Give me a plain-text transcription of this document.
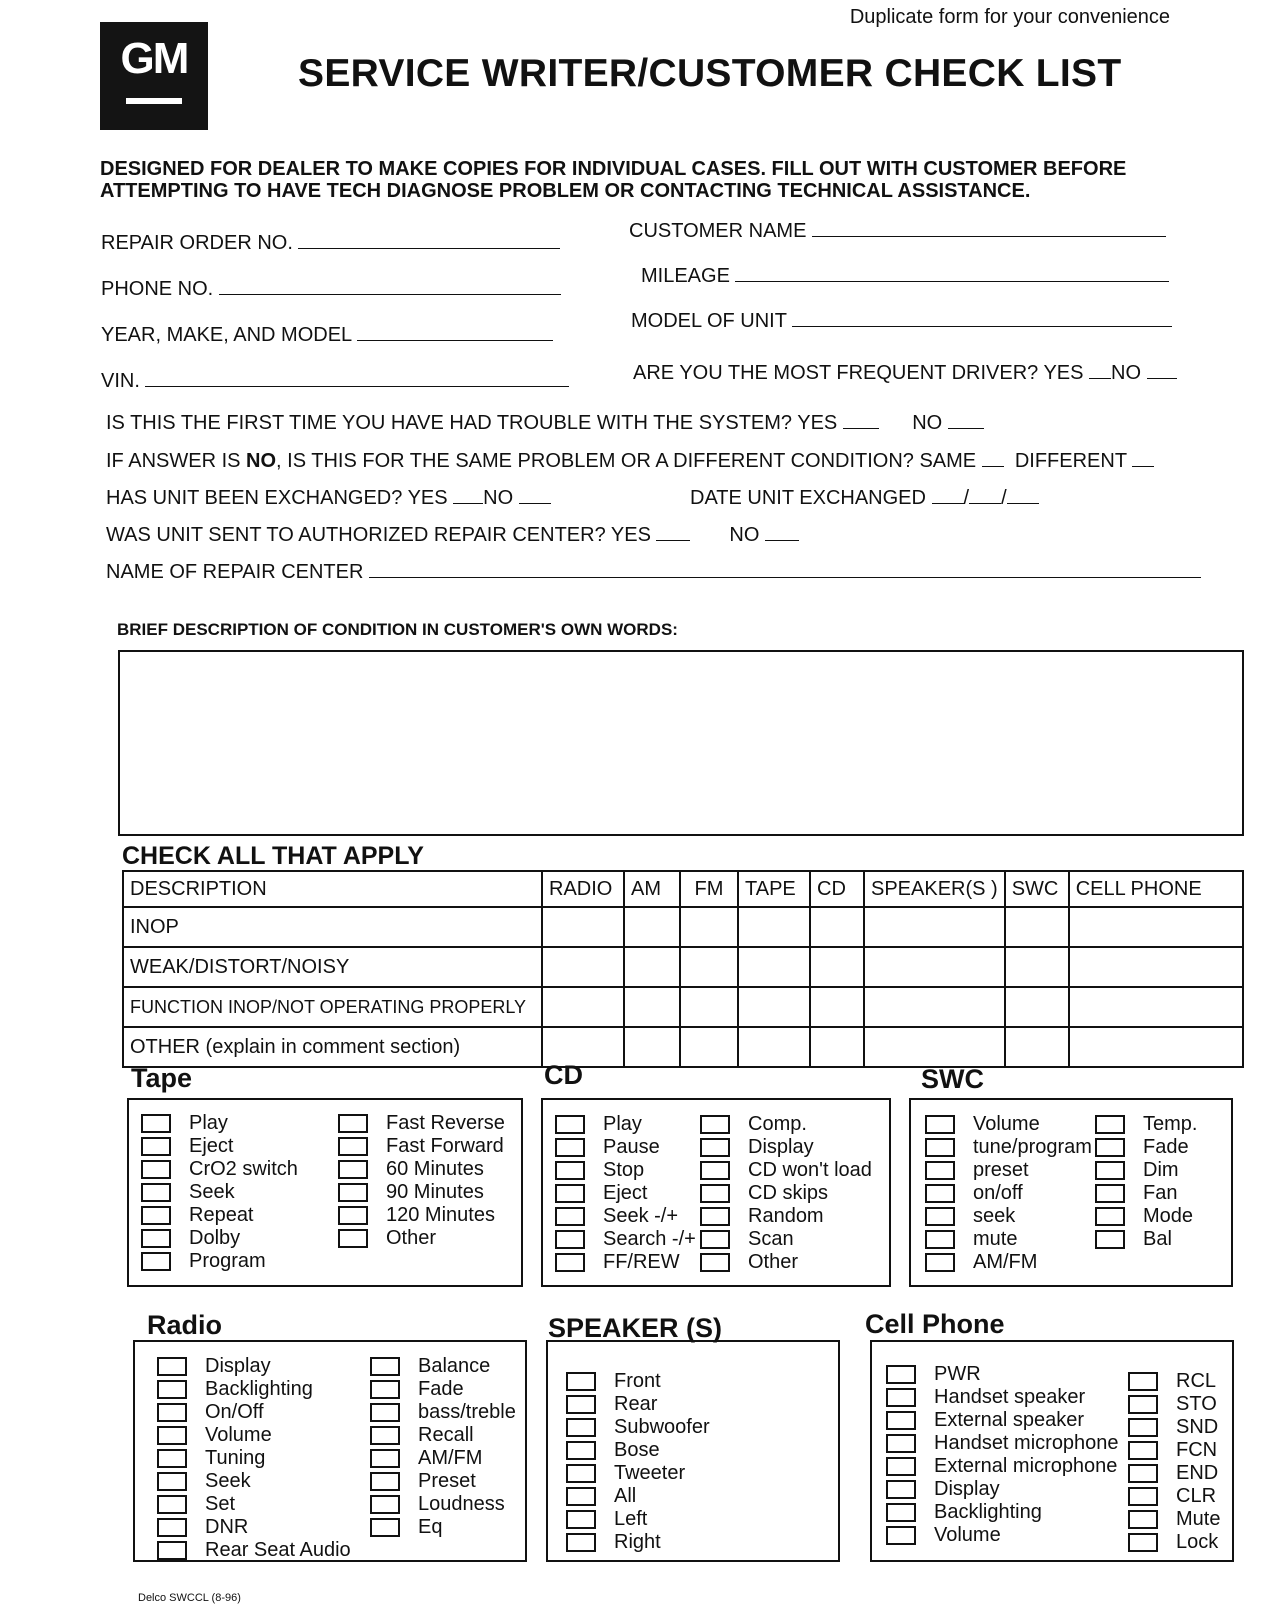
Duplicate form for your convenience
GM	SERVICE WRITER/CUSTOMER CHECK LIST
DESIGNED FOR DEALER TO MAKE COPIES FOR INDIVIDUAL CASES. FILL OUT WITH CUSTOMER BEFORE
ATTEMPTING TO HAVE TECH DIAGNOSE PROBLEM OR CONTACTING TECHNICAL ASSISTANCE.
REPAIR ORDER NO.
PHONE NO.
YEAR, MAKE, AND MODEL
VIN.
CUSTOMER NAME
MILEAGE
MODEL OF UNIT
ARE YOU THE MOST FREQUENT DRIVER? YES NO
IS THIS THE FIRST TIME YOU HAVE HAD TROUBLE WITH THE SYSTEM? YES	NO
IF ANSWER IS NO, IS THIS FOR THE SAME PROBLEM OR A DIFFERENT CONDITION? SAME DIFFERENT
HAS UNIT BEEN EXCHANGED? YES NO	DATE UNIT EXCHANGED / /
WAS UNIT SENT TO AUTHORIZED REPAIR CENTER? YES	NO
NAME OF REPAIR CENTER
BRIEF DESCRIPTION OF CONDITION IN CUSTOMER'S OWN WORDS:
CHECK ALL THAT APPLY
DESCRIPTION	RADIO	AM	FM	TAPE	CD	SPEAKER(S )	SWC	CELL PHONE
INOP								
WEAK/DISTORT/NOISY								
FUNCTION INOP/NOT OPERATING PROPERLY								
OTHER (explain in comment section)								
Tape	CD	SWC
Radio	SPEAKER (S)	Cell Phone
Play
Eject
CrO2 switch
Seek
Repeat
Dolby
Program
Fast Reverse
Fast Forward
60 Minutes
90 Minutes
120 Minutes
Other
Play
Pause
Stop
Eject
Seek -/+
Search -/+
FF/REW
Comp.
Display
CD won't load
CD skips
Random
Scan
Other
Volume
tune/program
preset
on/off
seek
mute
AM/FM
Temp.
Fade
Dim
Fan
Mode
Bal
Display
Backlighting
On/Off
Volume
Tuning
Seek
Set
DNR
Rear Seat Audio
Balance
Fade
bass/treble
Recall
AM/FM
Preset
Loudness
Eq
Front
Rear
Subwoofer
Bose
Tweeter
All
Left
Right
PWR
Handset speaker
External speaker
Handset microphone
External microphone
Display
Backlighting
Volume
RCL
STO
SND
FCN
END
CLR
Mute
Lock
Delco SWCCL (8-96)
